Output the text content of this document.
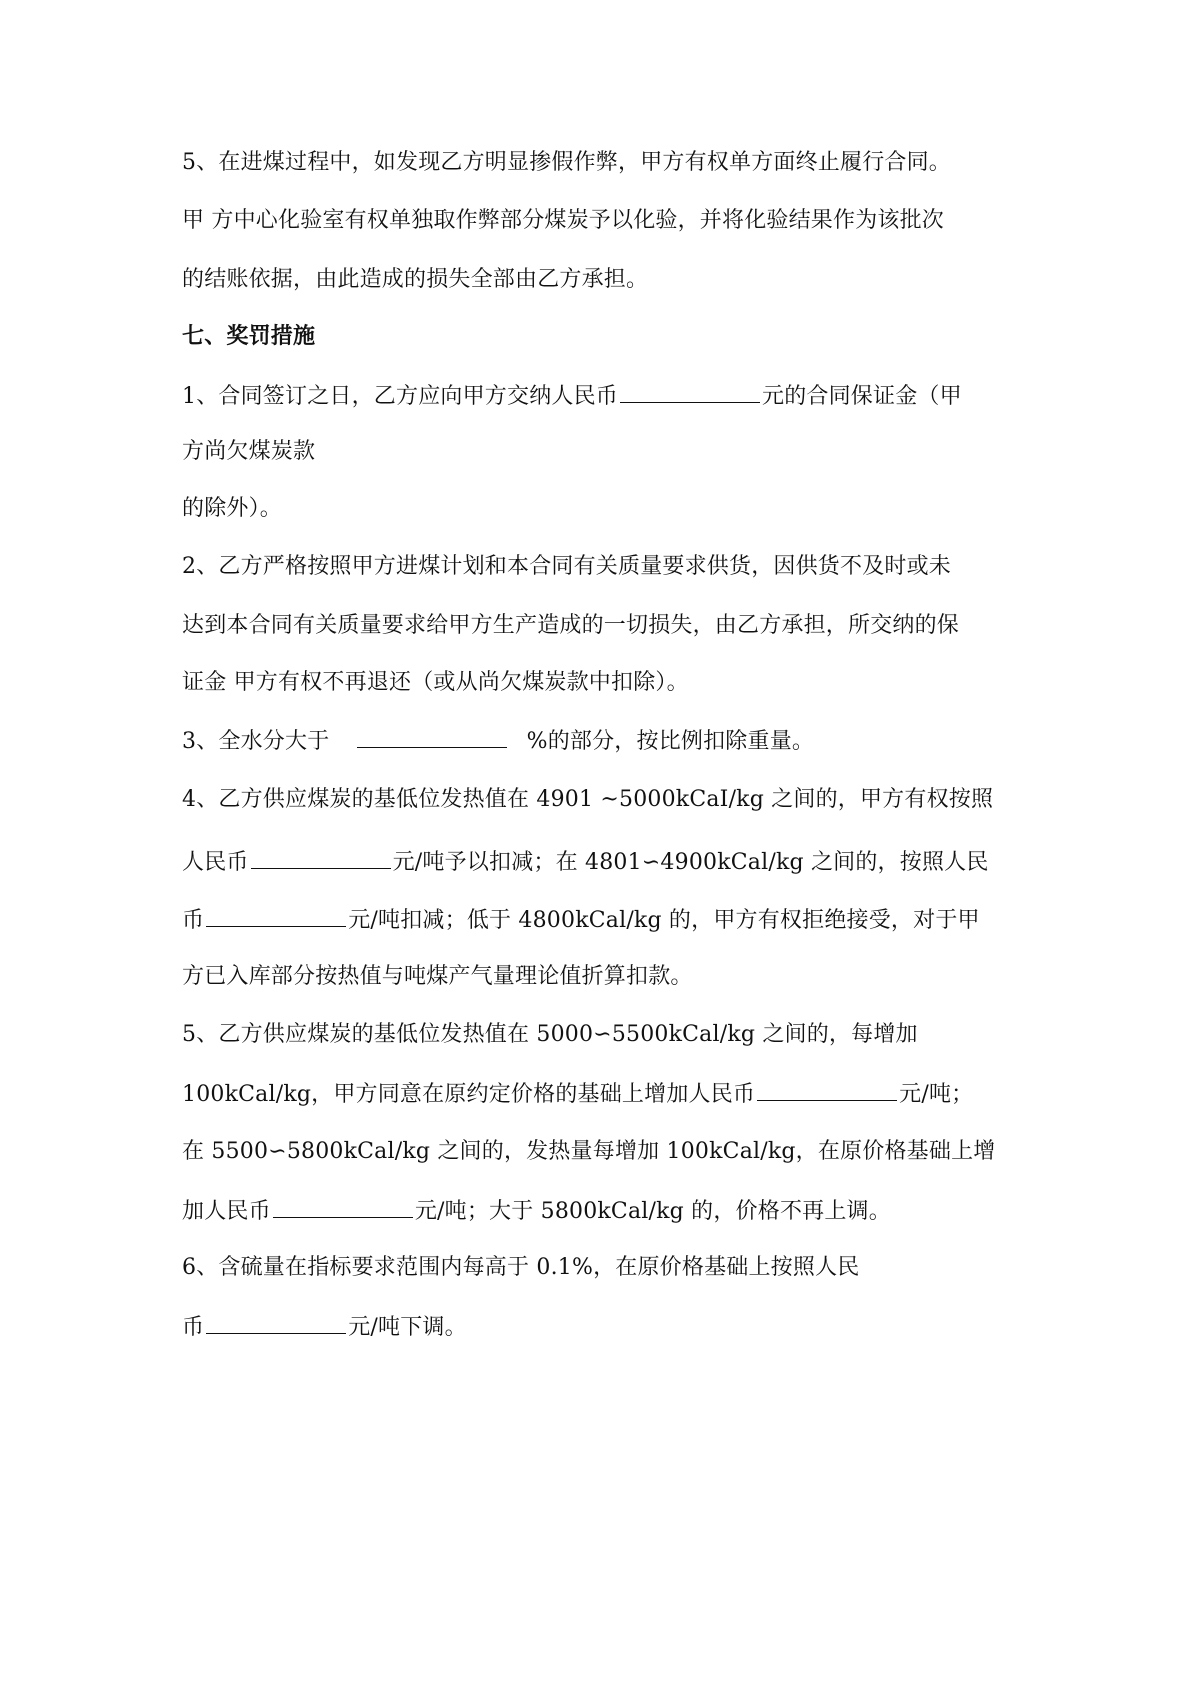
5、在进煤过程中，如发现乙方明显掺假作弊，甲方有权单方面终止履行合同。
甲 方中心化验室有权单独取作弊部分煤炭予以化验，并将化验结果作为该批次
的结账依据，由此造成的损失全部由乙方承担。
七、奖罚措施
1、合同签订之日，乙方应向甲方交纳人民币	元的合同保证金（甲
方尚欠煤炭款
的除外）。
2、乙方严格按照甲方进煤计划和本合同有关质量要求供货，因供货不及时或未
达到本合同有关质量要求给甲方生产造成的一切损失，由乙方承担，所交纳的保
证金 甲方有权不再退还（或从尚欠煤炭款中扣除）。
3、全水分大于	%的部分，按比例扣除重量。
4、乙方供应煤炭的基低位发热值在 4901 ~5000kCaI/kg 之间的，甲方有权按照
人民币	元/吨予以扣减；在 4801∽4900kCal/kg 之间的，按照人民
币	元/吨扣减；低于 4800kCal/kg 的，甲方有权拒绝接受，对于甲
方已入库部分按热值与吨煤产气量理论值折算扣款。
5、乙方供应煤炭的基低位发热值在 5000∽5500kCal/kg 之间的，每增加
100kCal/kg，甲方同意在原约定价格的基础上增加人民币	元/吨；
在 5500∽5800kCal/kg 之间的，发热量每增加 100kCal/kg，在原价格基础上增
加人民币	元/吨；大于 5800kCal/kg 的，价格不再上调。
6、含硫量在指标要求范围内每高于 0.1%，在原价格基础上按照人民
币	元/吨下调。
